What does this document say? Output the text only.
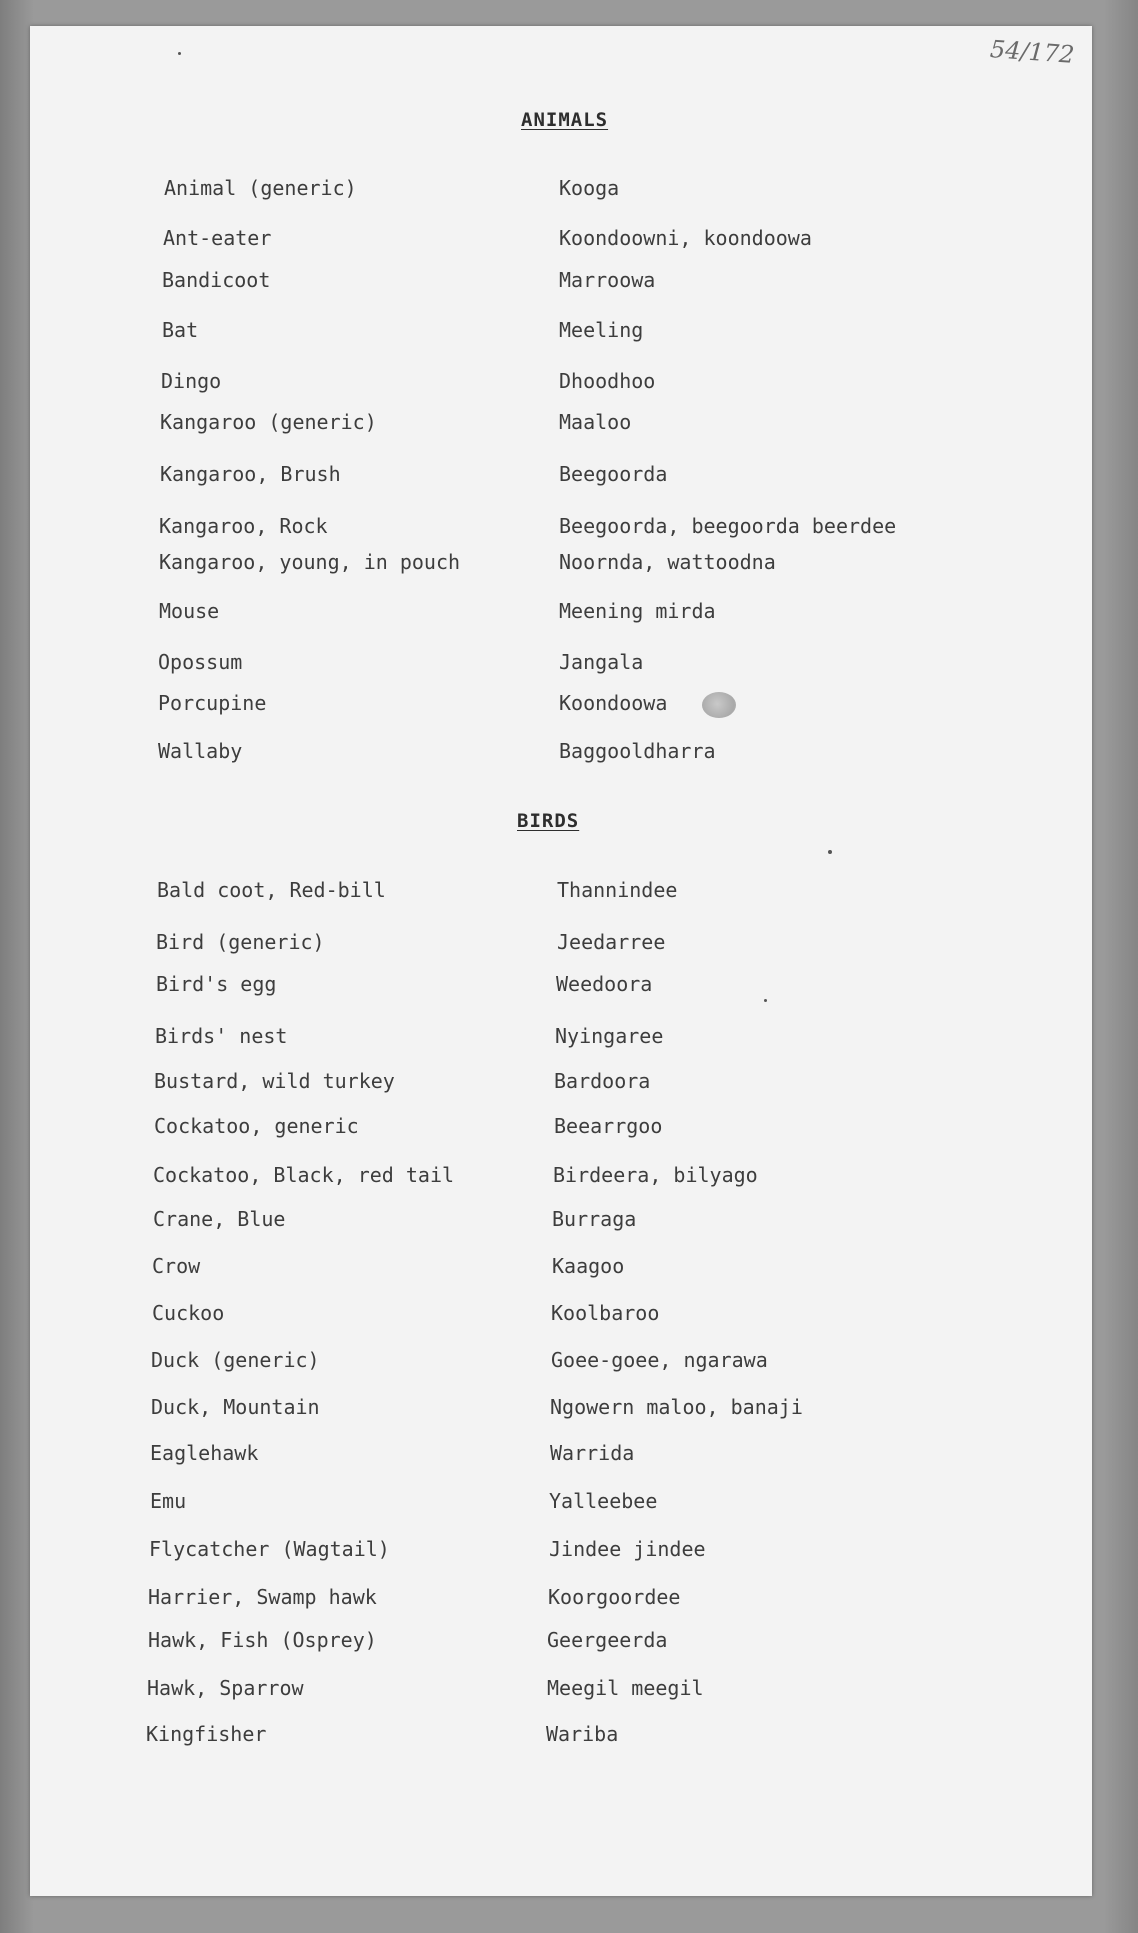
54/172
ANIMALS
Animal (generic)	Kooga
Ant-eater	Koondoowni, koondoowa
Bandicoot	Marroowa
Bat	Meeling
Dingo	Dhoodhoo
Kangaroo (generic)	Maaloo
Kangaroo, Brush	Beegoorda
Kangaroo, Rock	Beegoorda, beegoorda beerdee
Kangaroo, young, in pouch	Noornda, wattoodna
Mouse	Meening mirda
Opossum	Jangala
Porcupine	Koondoowa
Wallaby	Baggooldharra
BIRDS
Bald coot, Red-bill	Thannindee
Bird (generic)	Jeedarree
Bird's egg	Weedoora
Birds' nest	Nyingaree
Bustard, wild turkey	Bardoora
Cockatoo, generic	Beearrgoo
Cockatoo, Black, red tail	Birdeera, bilyago
Crane, Blue	Burraga
Crow	Kaagoo
Cuckoo	Koolbaroo
Duck (generic)	Goee-goee, ngarawa
Duck, Mountain	Ngowern maloo, banaji
Eaglehawk	Warrida
Emu	Yalleebee
Flycatcher (Wagtail)	Jindee jindee
Harrier, Swamp hawk	Koorgoordee
Hawk, Fish (Osprey)	Geergeerda
Hawk, Sparrow	Meegil meegil
Kingfisher	Wariba
